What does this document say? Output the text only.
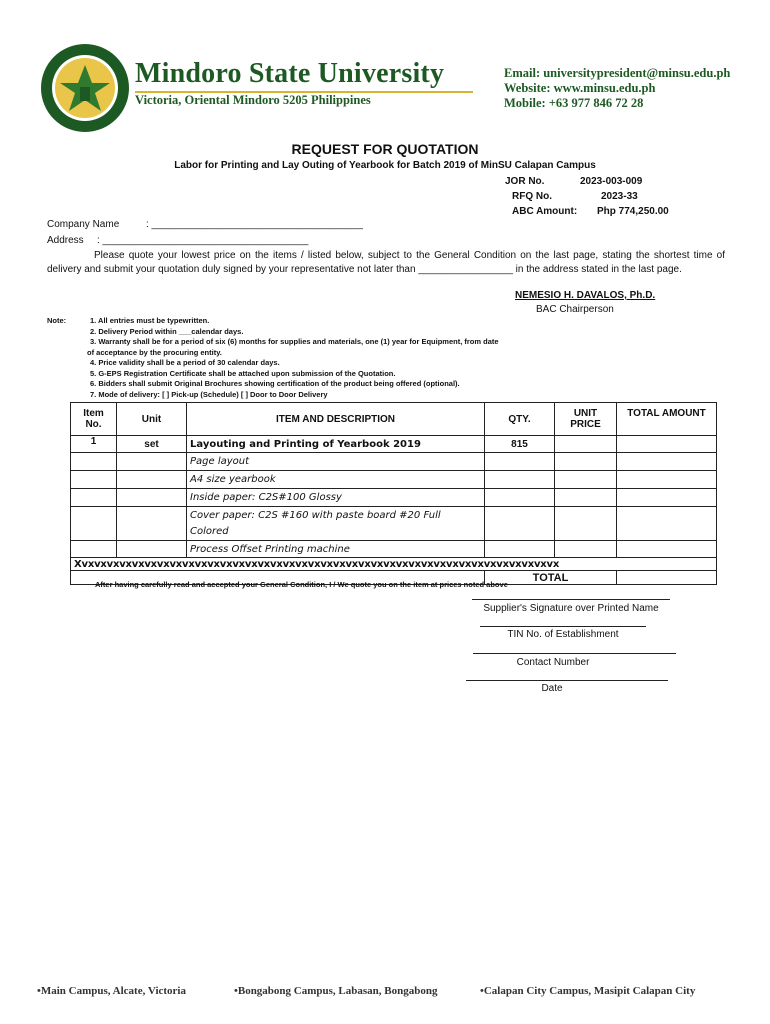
Mindoro State University
Victoria, Oriental Mindoro 5205 Philippines
Email: universitypresident@minsu.edu.ph
Website: www.minsu.edu.ph
Mobile: +63 977 846 72 28
REQUEST FOR QUOTATION
Labor for Printing and Lay Outing of Yearbook for Batch 2019 of MinSU Calapan Campus
JOR No.	2023-003-009
RFQ No.	2023-33
ABC Amount: Php 774,250.00
Company Name	: ______________________________________
Address : _____________________________________
Please quote your lowest price on the items / listed below, subject to the General Condition on the last page, stating the shortest time of delivery and submit your quotation duly signed by your representative not later than _________________ in the address stated in the last page.
NEMESIO H. DAVALOS, Ph.D.
BAC Chairperson
Note:	1. All entries must be typewritten.
2. Delivery Period within ___calendar days.
3. Warranty shall be for a period of six (6) months for supplies and materials, one (1) year for Equipment, from date
of acceptance by the procuring entity.
4. Price validity shall be a period of 30 calendar days.
5. G-EPS Registration Certificate shall be attached upon submission of the Quotation.
6. Bidders shall submit Original Brochures showing certification of the product being offered (optional).
7. Mode of delivery: [ ] Pick-up (Schedule) [ ] Door to Door Delivery
Item No.	Unit	ITEM AND DESCRIPTION	QTY.	UNIT PRICE	TOTAL AMOUNT
1	set	Layouting and Printing of Yearbook 2019	815		
		Page layout			
		A4 size yearbook			
		Inside paper: C2S#100 Glossy			
		Cover paper: C2S #160 with paste board #20 Full Colored			
		Process Offset Printing machine			
Xvxvxvxvxvxvxvxvxvxvxvxvxvxvxvxvxvxvxvxvxvxvxvxvxvxvxvxvxvxvxvxvxvxvxvxvxvxvx					
			TOTAL		
After having carefully read and accepted your General Condition, I / We quote you on the item at prices noted above
Supplier's Signature over Printed Name
TIN No. of Establishment
Contact Number
Date
•Main Campus, Alcate, Victoria	•Bongabong Campus, Labasan, Bongabong	•Calapan City Campus, Masipit Calapan City
